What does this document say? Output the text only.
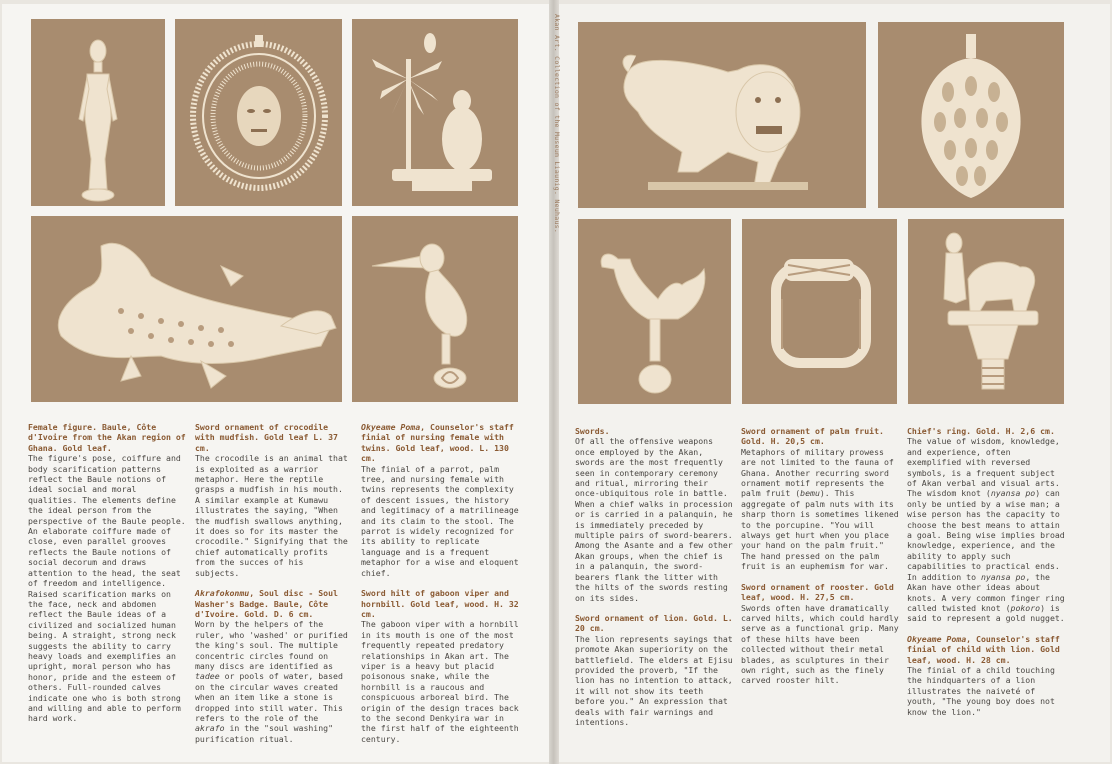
Akan Art. Collection of the Museum Liaunig. Neuhaus.
Female figure. Baule, Côte d'Ivoire from the Akan region of Ghana. Gold leaf.
The figure's pose, coiffure and body scarification patterns reflect the Baule notions of ideal social and moral qualities. The elements define the ideal person from the perspective of the Baule people. An elaborate coiffure made of close, even parallel grooves reflects the Baule notions of social decorum and draws attention to the head, the seat of freedom and intelligence. Raised scarification marks on the face, neck and abdomen reflect the Baule ideas of a civilized and socialized human being. A straight, strong neck suggests the ability to carry heavy loads and exemplifies an upright, moral person who has honor, pride and the esteem of others. Full-rounded calves indicate one who is both strong and willing and able to perform hard work.
Sword ornament of crocodile with mudfish. Gold leaf L. 37 cm.
The crocodile is an animal that is exploited as a warrior metaphor. Here the reptile grasps a mudfish in his mouth. A similar example at Kumawu illustrates the saying, "When the mudfish swallows anything, it does so for its master the crocodile." Signifying that the chief automatically profits from the succes of his subjects.
Akrafokonmu, Soul disc - Soul Washer's Badge. Baule, Côte d'Ivoire. Gold. D. 6 cm.
Worn by the helpers of the ruler, who 'washed' or purified the king's soul. The multiple concentric circles found on many discs are identified as tadee or pools of water, based on the circular waves created when an item like a stone is dropped into still water. This refers to the role of the akrafo in the "soul washing" purification ritual.
Okyeame Poma, Counselor's staff finial of nursing female with twins. Gold leaf, wood. L. 130 cm.
The finial of a parrot, palm tree, and nursing female with twins represents the complexity of descent issues, the history and legitimacy of a matrilineage and its claim to the stool. The parrot is widely recognized for its ability to replicate language and is a frequent metaphor for a wise and eloquent chief.
Sword hilt of gaboon viper and hornbill. Gold leaf, wood. H. 32 cm.
The gaboon viper with a hornbill in its mouth is one of the most frequently repeated predatory relationships in Akan art. The viper is a heavy but placid poisonous snake, while the hornbill is a raucous and conspicuous arboreal bird. The origin of the design traces back to the second Denkyira war in the first half of the eighteenth century.
Swords.
Of all the offensive weapons once employed by the Akan, swords are the most frequently seen in contemporary ceremony and ritual, mirroring their once-ubiquitous role in battle. When a chief walks in procession or is carried in a palanquin, he is immediately preceded by multiple pairs of sword-bearers. Among the Asante and a few other Akan groups, when the chief is in a palanquin, the sword-bearers flank the litter with the hilts of the swords resting on its sides.
Sword ornament of lion. Gold. L. 20 cm.
The lion represents sayings that promote Akan superiority on the battlefield. The elders at Ejisu provided the proverb, "If the lion has no intention to attack, it will not show its teeth before you." An expression that deals with fair warnings and intentions.
Sword ornament of palm fruit. Gold. H. 20,5 cm.
Metaphors of military prowess are not limited to the fauna of Ghana. Another recurring sword ornament motif represents the palm fruit (bemu). This aggregate of palm nuts with its sharp thorn is sometimes likened to the porcupine. "You will always get hurt when you place your hand on the palm fruit." The hand pressed on the palm fruit is an euphemism for war.
Sword ornament of rooster. Gold leaf, wood. H. 27,5 cm.
Swords often have dramatically carved hilts, which could hardly serve as a functional grip. Many of these hilts have been collected without their metal blades, as sculptures in their own right, such as the finely carved rooster hilt.
Chief's ring. Gold. H. 2,6 cm.
The value of wisdom, knowledge, and experience, often exemplified with reversed symbols, is a frequent subject of Akan verbal and visual arts. The wisdom knot (nyansa po) can only be untied by a wise man; a wise person has the capacity to choose the best means to attain a goal. Being wise implies broad knowledge, experience, and the ability to apply such capabilities to practical ends. In addition to nyansa po, the Akan have other ideas about knots. A very common finger ring called twisted knot (pokoro) is said to represent a gold nugget.
Okyeame Poma, Counselor's staff finial of child with lion. Gold leaf, wood. H. 28 cm.
The finial of a child touching the hindquarters of a lion illustrates the naiveté of youth, "The young boy does not know the lion."
